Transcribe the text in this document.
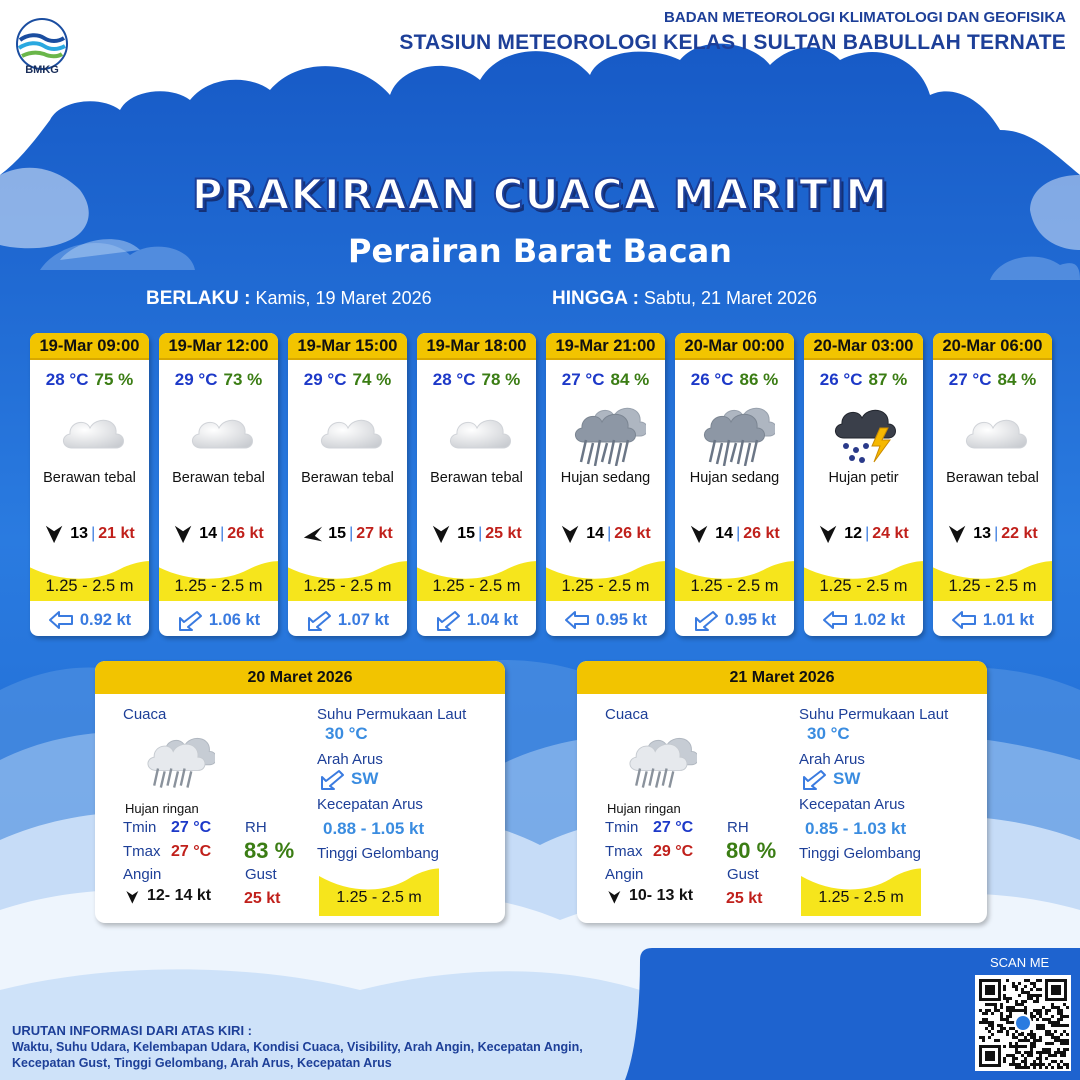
BMKG
BADAN METEOROLOGI KLIMATOLOGI DAN GEOFISIKA
STASIUN METEOROLOGI KELAS I SULTAN BABULLAH TERNATE
PRAKIRAAN CUACA MARITIM
Perairan Barat Bacan
BERLAKU : Kamis, 19 Maret 2026	HINGGA : Sabtu, 21 Maret 2026
19-Mar 09:00
28 °C 75 %
Berawan tebal
13 | 21 kt
1.25 - 2.5 m
0.92 kt
19-Mar 12:00
29 °C 73 %
Berawan tebal
14 | 26 kt
1.25 - 2.5 m
1.06 kt
19-Mar 15:00
29 °C 74 %
Berawan tebal
15 | 27 kt
1.25 - 2.5 m
1.07 kt
19-Mar 18:00
28 °C 78 %
Berawan tebal
15 | 25 kt
1.25 - 2.5 m
1.04 kt
19-Mar 21:00
27 °C 84 %
Hujan sedang
14 | 26 kt
1.25 - 2.5 m
0.95 kt
20-Mar 00:00
26 °C 86 %
Hujan sedang
14 | 26 kt
1.25 - 2.5 m
0.95 kt
20-Mar 03:00
26 °C 87 %
Hujan petir
12 | 24 kt
1.25 - 2.5 m
1.02 kt
20-Mar 06:00
27 °C 84 %
Berawan tebal
13 | 22 kt
1.25 - 2.5 m
1.01 kt
20 Maret 2026
Cuaca
Hujan ringan
Tmin 27 °C
Tmax 27 °C
RH
83 %
Angin
12- 14 kt
Gust
25 kt
Suhu Permukaan Laut
30 °C
Arah Arus
SW
Kecepatan Arus
0.88 - 1.05 kt
Tinggi Gelombang
1.25 - 2.5 m
21 Maret 2026
Cuaca
Hujan ringan
Tmin 27 °C
Tmax 29 °C
RH
80 %
Angin
10- 13 kt
Gust
25 kt
Suhu Permukaan Laut
30 °C
Arah Arus
SW
Kecepatan Arus
0.85 - 1.03 kt
Tinggi Gelombang
1.25 - 2.5 m
SCAN ME
URUTAN INFORMASI DARI ATAS KIRI :
Waktu, Suhu Udara, Kelembapan Udara, Kondisi Cuaca, Visibility, Arah Angin, Kecepatan Angin, Kecepatan Gust, Tinggi Gelombang, Arah Arus, Kecepatan Arus
